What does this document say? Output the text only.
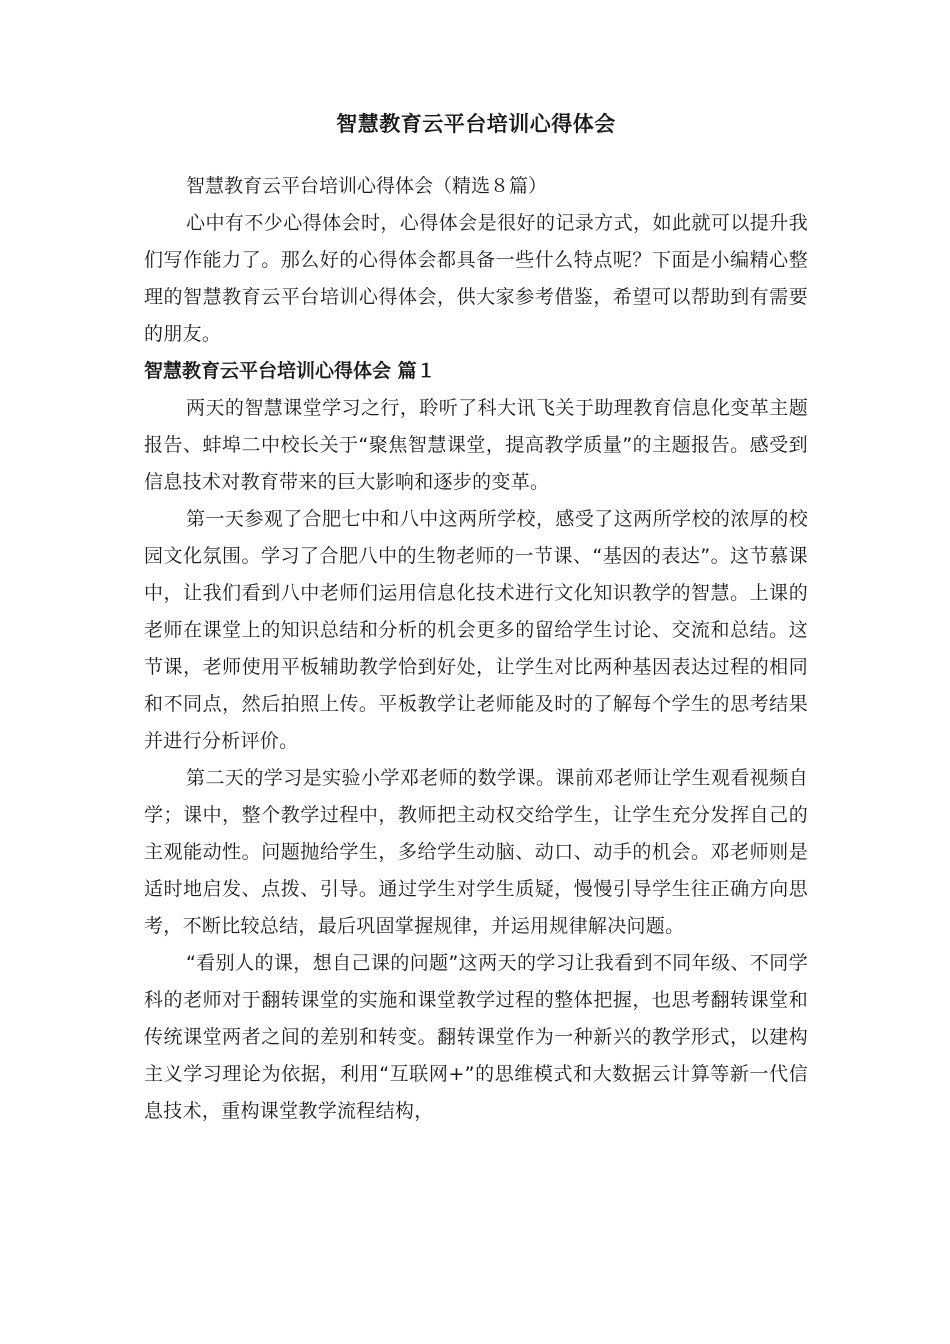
智慧教育云平台培训心得体会

智慧教育云平台培训心得体会（精选８篇）

心中有不少心得体会时，心得体会是很好的记录方式，如此就可以提升我们写作能力了。那么好的心得体会都具备一些什么特点呢？下面是小编精心整理的智慧教育云平台培训心得体会，供大家参考借鉴，希望可以帮助到有需要的朋友。

智慧教育云平台培训心得体会 篇１

两天的智慧课堂学习之行，聆听了科大讯飞关于助理教育信息化变革主题报告、蚌埠二中校长关于“聚焦智慧课堂，提高教学质量”的主题报告。感受到信息技术对教育带来的巨大影响和逐步的变革。

第一天参观了合肥七中和八中这两所学校，感受了这两所学校的浓厚的校园文化氛围。学习了合肥八中的生物老师的一节课、“基因的表达”。这节慕课中，让我们看到八中老师们运用信息化技术进行文化知识教学的智慧。上课的老师在课堂上的知识总结和分析的机会更多的留给学生讨论、交流和总结。这节课，老师使用平板辅助教学恰到好处，让学生对比两种基因表达过程的相同和不同点，然后拍照上传。平板教学让老师能及时的了解每个学生的思考结果并进行分析评价。

第二天的学习是实验小学邓老师的数学课。课前邓老师让学生观看视频自学；课中，整个教学过程中，教师把主动权交给学生，让学生充分发挥自己的主观能动性。问题抛给学生，多给学生动脑、动口、动手的机会。邓老师则是适时地启发、点拨、引导。通过学生对学生质疑，慢慢引导学生往正确方向思考，不断比较总结，最后巩固掌握规律，并运用规律解决问题。

“看别人的课，想自己课的问题”这两天的学习让我看到不同年级、不同学科的老师对于翻转课堂的实施和课堂教学过程的整体把握，也思考翻转课堂和传统课堂两者之间的差别和转变。翻转课堂作为一种新兴的教学形式，以建构主义学习理论为依据，利用“互联网+”的思维模式和大数据云计算等新一代信息技术，重构课堂教学流程结构，
